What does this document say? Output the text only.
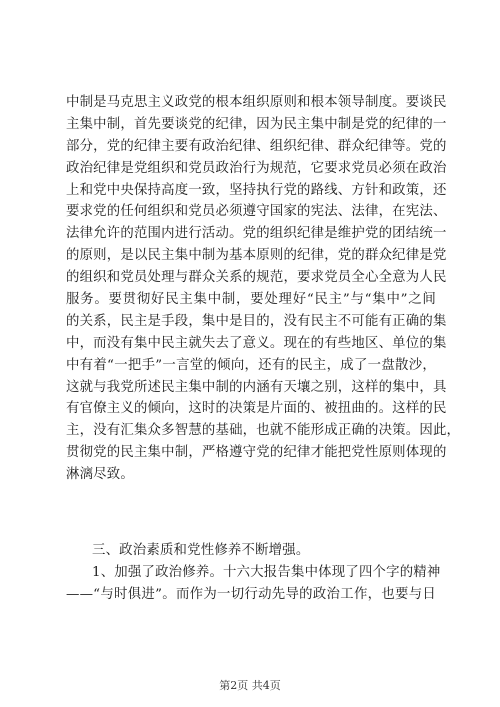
中制是马克思主义政党的根本组织原则和根本领导制度。要谈民
主集中制，首先要谈党的纪律，因为民主集中制是党的纪律的一
部分，党的纪律主要有政治纪律、组织纪律、群众纪律等。党的
政治纪律是党组织和党员政治行为规范，它要求党员必须在政治
上和党中央保持高度一致，坚持执行党的路线、方针和政策，还
要求党的任何组织和党员必须遵守国家的宪法、法律，在宪法、
法律允许的范围内进行活动。党的组织纪律是维护党的团结统一
的原则，是以民主集中制为基本原则的纪律，党的群众纪律是党
的组织和党员处理与群众关系的规范，要求党员全心全意为人民
服务。要贯彻好民主集中制，要处理好“民主”与“集中”之间
的关系，民主是手段，集中是目的，没有民主不可能有正确的集
中，而没有集中民主就失去了意义。现在的有些地区、单位的集
中有着“一把手”一言堂的倾向，还有的民主，成了一盘散沙，
这就与我党所述民主集中制的内涵有天壤之别，这样的集中，具
有官僚主义的倾向，这时的决策是片面的、被扭曲的。这样的民
主，没有汇集众多智慧的基础，也就不能形成正确的决策。因此，
贯彻党的民主集中制，严格遵守党的纪律才能把党性原则体现的
淋漓尽致。
三、政治素质和党性修养不断增强。
1、加强了政治修养。十六大报告集中体现了四个字的精神
——“与时俱进”。而作为一切行动先导的政治工作，也要与日
第2页 共4页
